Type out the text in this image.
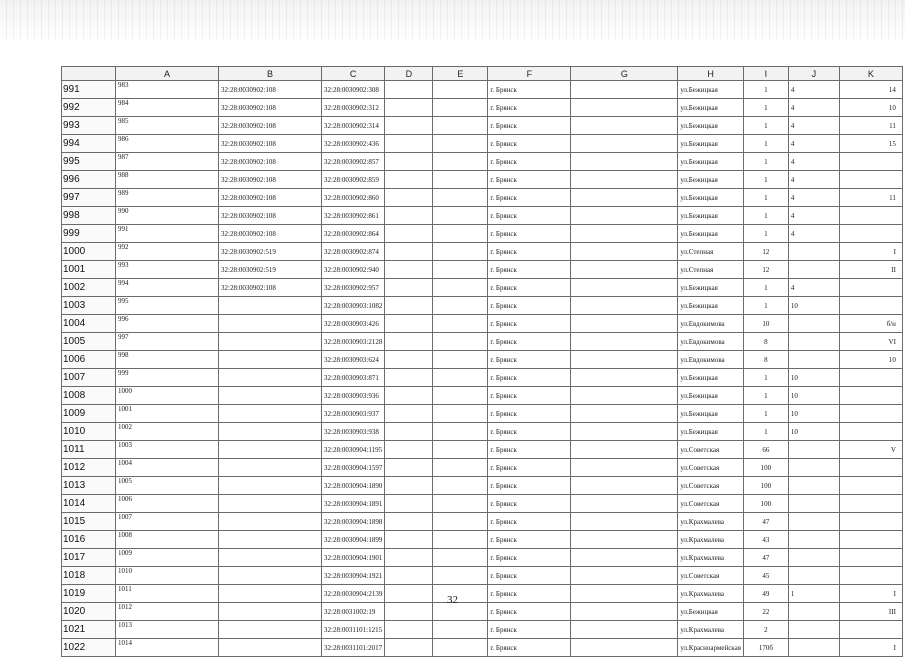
	A	B	C	D	E	F	G	H	I	J	K
991	983	32:28:0030902:108	32:28:0030902:308			г. Брянск		ул.Бежицкая	1	4	14
992	984	32:28:0030902:108	32:28:0030902:312			г. Брянск		ул.Бежицкая	1	4	10
993	985	32:28:0030902:108	32:28:0030902:314			г. Брянск		ул.Бежицкая	1	4	11
994	986	32:28:0030902:108	32:28:0030902:436			г. Брянск		ул.Бежицкая	1	4	15
995	987	32:28:0030902:108	32:28:0030902:857			г. Брянск		ул.Бежицкая	1	4	
996	988	32:28:0030902:108	32:28:0030902:859			г. Брянск		ул.Бежицкая	1	4	
997	989	32:28:0030902:108	32:28:0030902:860			г. Брянск		ул.Бежицкая	1	4	11
998	990	32:28:0030902:108	32:28:0030902:861			г. Брянск		ул.Бежицкая	1	4	
999	991	32:28:0030902:108	32:28:0030902:864			г. Брянск		ул.Бежицкая	1	4	
1000	992	32:28:0030902:519	32:28:0030902:874			г. Брянск		ул.Степная	12		I
1001	993	32:28:0030902:519	32:28:0030902:940			г. Брянск		ул.Степная	12		II
1002	994	32:28:0030902:108	32:28:0030902:957			г. Брянск		ул.Бежицкая	1	4	
1003	995		32:28:0030903:1082			г. Брянск		ул.Бежицкая	1	10	
1004	996		32:28:0030903:426			г. Брянск		ул.Евдокимова	10		б/н
1005	997		32:28:0030903:2128			г. Брянск		ул.Евдокимова	8		VI
1006	998		32:28:0030903:624			г. Брянск		ул.Евдокимова	8		10
1007	999		32:28:0030903:871			г. Брянск		ул.Бежицкая	1	10	
1008	1000		32:28:0030903:936			г. Брянск		ул.Бежицкая	1	10	
1009	1001		32:28:0030903:937			г. Брянск		ул.Бежицкая	1	10	
1010	1002		32:28:0030903:938			г. Брянск		ул.Бежицкая	1	10	
1011	1003		32:28:0030904:1195			г. Брянск		ул.Советская	66		V
1012	1004		32:28:0030904:1597			г. Брянск		ул.Советская	100		
1013	1005		32:28:0030904:1890			г. Брянск		ул.Советская	100		
1014	1006		32:28:0030904:1891			г. Брянск		ул.Советская	100		
1015	1007		32:28:0030904:1898			г. Брянск		ул.Крахмалева	47		
1016	1008		32:28:0030904:1899			г. Брянск		ул.Крахмалева	43		
1017	1009		32:28:0030904:1901			г. Брянск		ул.Крахмалева	47		
1018	1010		32:28:0030904:1921			г. Брянск		ул.Советская	45		
1019	1011		32:28:0030904:2139			г. Брянск		ул.Крахмалева	49	1	I
1020	1012		32:28:0031002:19			г. Брянск		ул.Бежицкая	22		III
1021	1013		32:28:0031101:1215			г. Брянск		ул.Крахмалева	2		
1022	1014		32:28:0031101:2017			г. Брянск		ул.Красноармейская	170б		I
32
